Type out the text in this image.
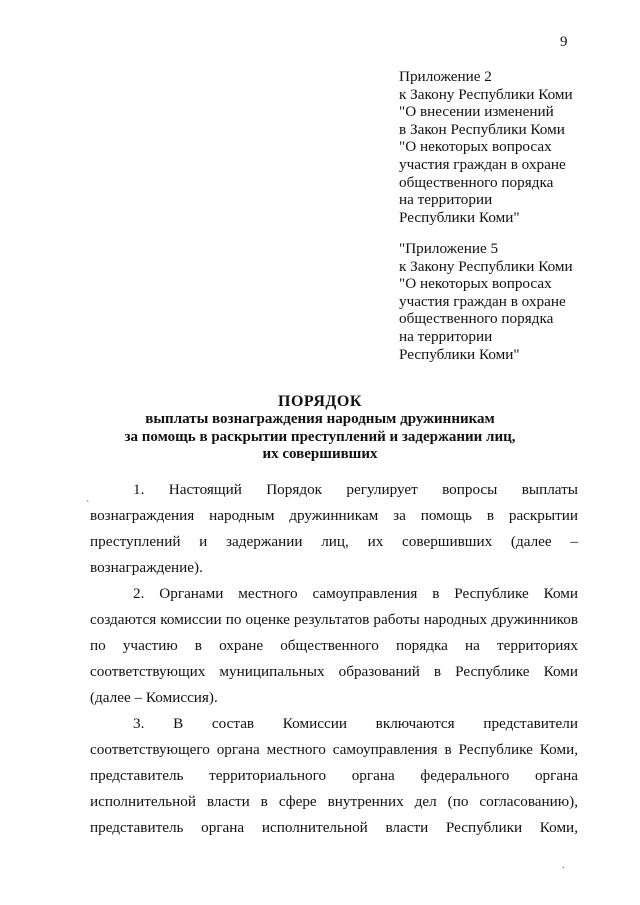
9
Приложение 2
к Закону Республики Коми
"О внесении изменений
в Закон Республики Коми
"О некоторых вопросах
участия граждан в охране
общественного порядка
на территории
Республики Коми"
"Приложение 5
к Закону Республики Коми
"О некоторых вопросах
участия граждан в охране
общественного порядка
на территории
Республики Коми"
ПОРЯДОК
выплаты вознаграждения народным дружинникам
за помощь в раскрытии преступлений и задержании лиц,
их совершивших
1. Настоящий Порядок регулирует вопросы выплаты
вознаграждения народным дружинникам за помощь в раскрытии
преступлений и задержании лиц, их совершивших (далее –
вознаграждение).
2. Органами местного самоуправления в Республике Коми
создаются комиссии по оценке результатов работы народных дружинников
по участию в охране общественного порядка на территориях
соответствующих муниципальных образований в Республике Коми
(далее – Комиссия).
3. В состав Комиссии включаются представители
соответствующего органа местного самоуправления в Республике Коми,
представитель территориального органа федерального органа
исполнительной власти в сфере внутренних дел (по согласованию),
представитель органа исполнительной власти Республики Коми,
`
.
